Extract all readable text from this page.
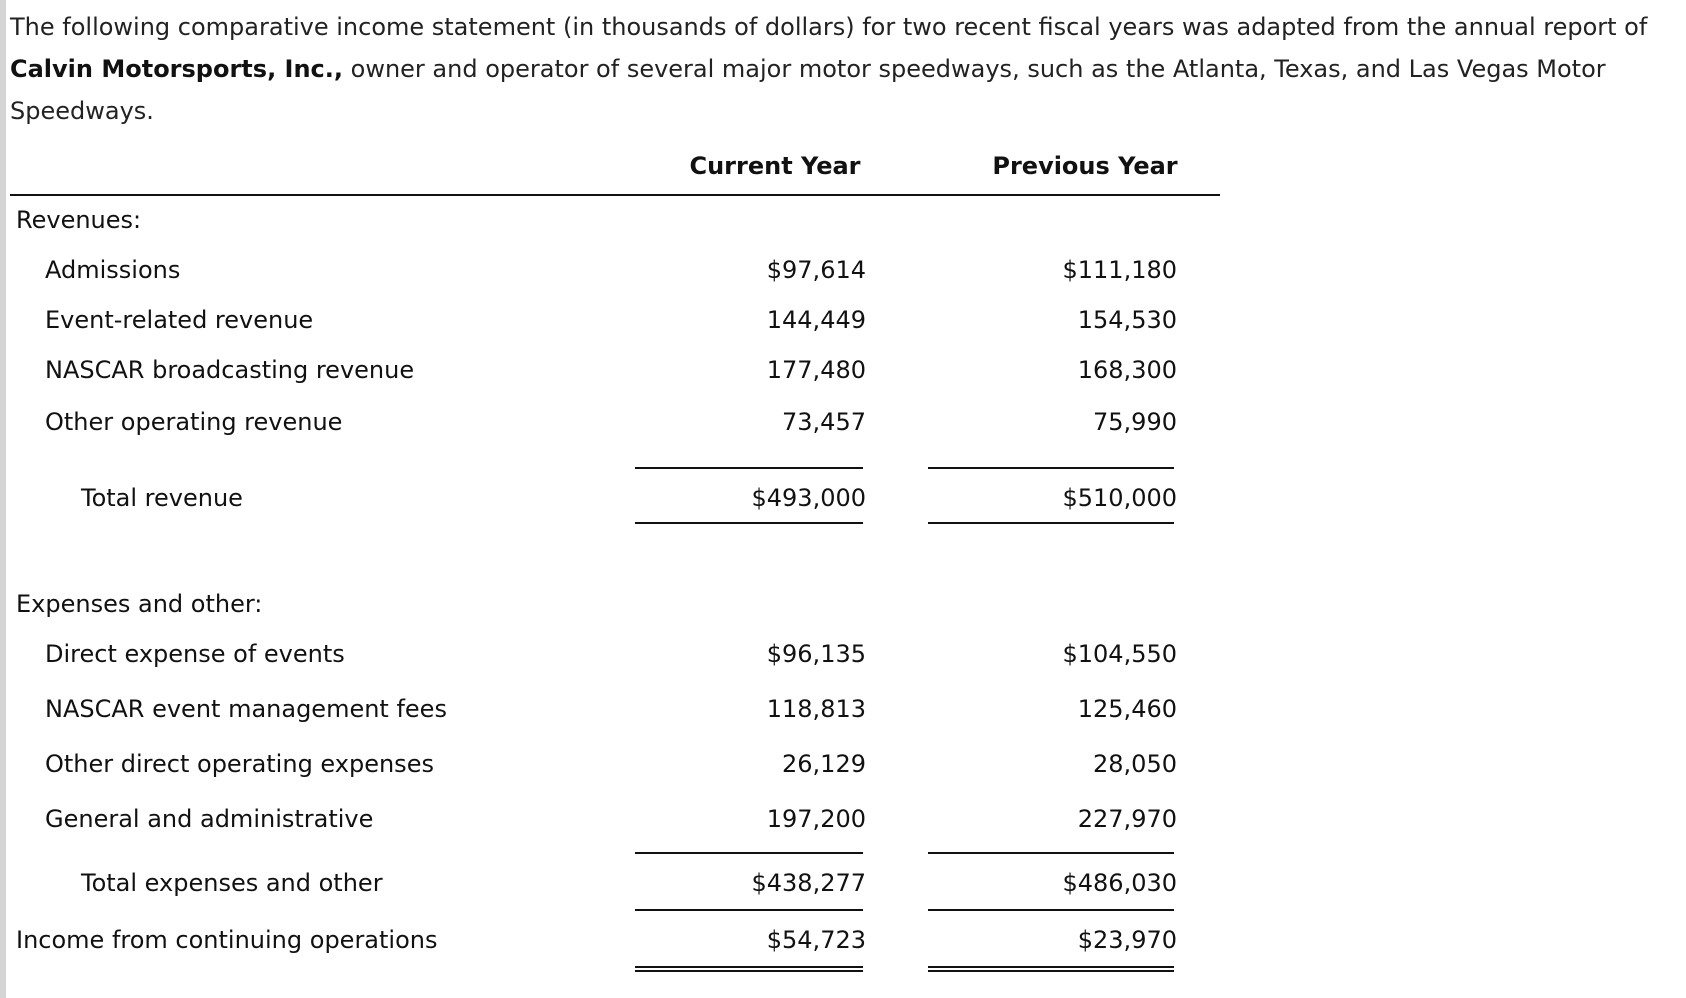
The following comparative income statement (in thousands of dollars) for two recent fiscal years was adapted from the annual report of Calvin Motorsports, Inc., owner and operator of several major motor speedways, such as the Atlanta, Texas, and Las Vegas Motor Speedways.

Current Year	Previous Year
Revenues:
Admissions	$97,614	$111,180
Event-related revenue	144,449	154,530
NASCAR broadcasting revenue	177,480	168,300
Other operating revenue	73,457	75,990
Total revenue	$493,000	$510,000
Expenses and other:
Direct expense of events	$96,135	$104,550
NASCAR event management fees	118,813	125,460
Other direct operating expenses	26,129	28,050
General and administrative	197,200	227,970
Total expenses and other	$438,277	$486,030
Income from continuing operations	$54,723	$23,970
